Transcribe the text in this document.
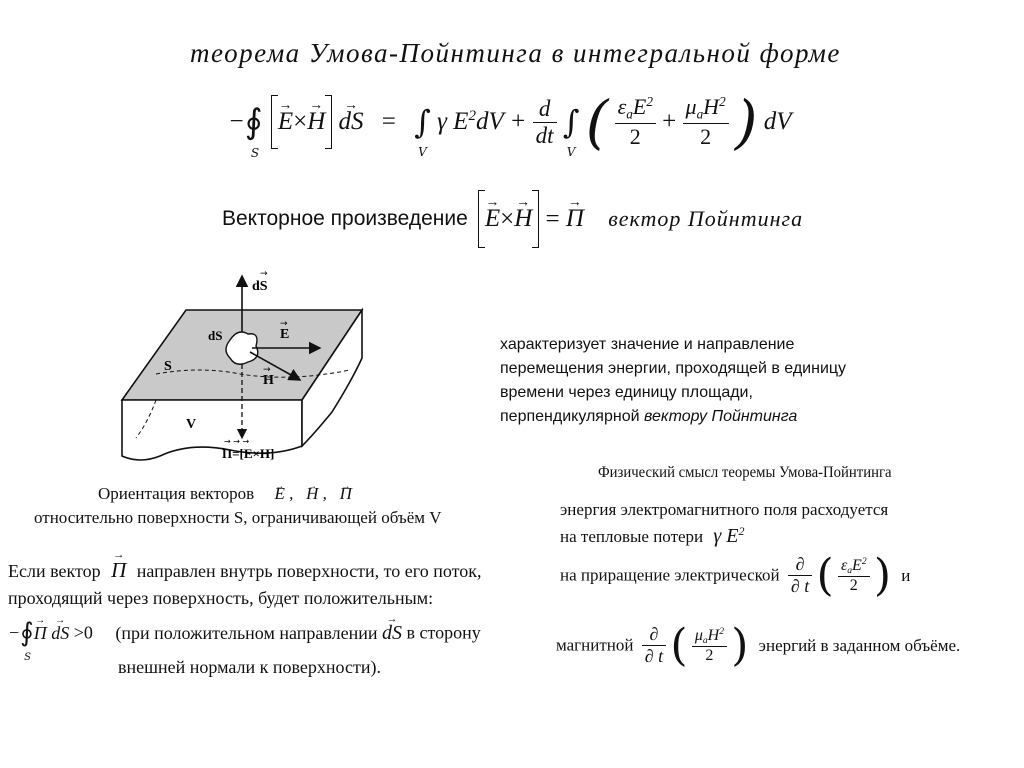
теорема Умова-Пойнтинга в интегральной форме
−∮
S
→ E×→ H → dS = ∫
V
γ $E^2dV + \frac{d}{dt}$ ∫
V ( $\frac{\varepsilon_aE^2}{2} + \frac{\mu_aH^2}{2}$ ) dV
Векторное произведение → E×→ H = → П вектор Пойнтинга
dS
→
dS	E
→
H
→
S
V
П=[E×H]
→ → →
Ориентация векторов → E ,   → H ,   → П
относительно поверхности S, ограничивающей объём V
характеризует значение и направление
перемещения энергии, проходящей в единицу
времени через единицу площади,
перпендикулярной вектору Пойнтинга
Физический смысл теоремы Умова-Пойнтинга
энергия электромагнитного поля расходуется
на тепловые потери γ $E^2$
на приращение электрической $\frac{\partial}{\partial t}$ ( $\frac{\varepsilon_aE^2}{2}$ ) и
магнитной $\frac{\partial}{\partial t}$ ( $\frac{\mu_aH^2}{2}$ ) энергий в заданном объёме.
Если вектор → П направлен внутрь поверхности, то его поток,
проходящий через поверхность, будет положительным:
−∮
S
→ П → dS >0 (при положительном направлении → dS в сторону
внешней нормали к поверхности).
